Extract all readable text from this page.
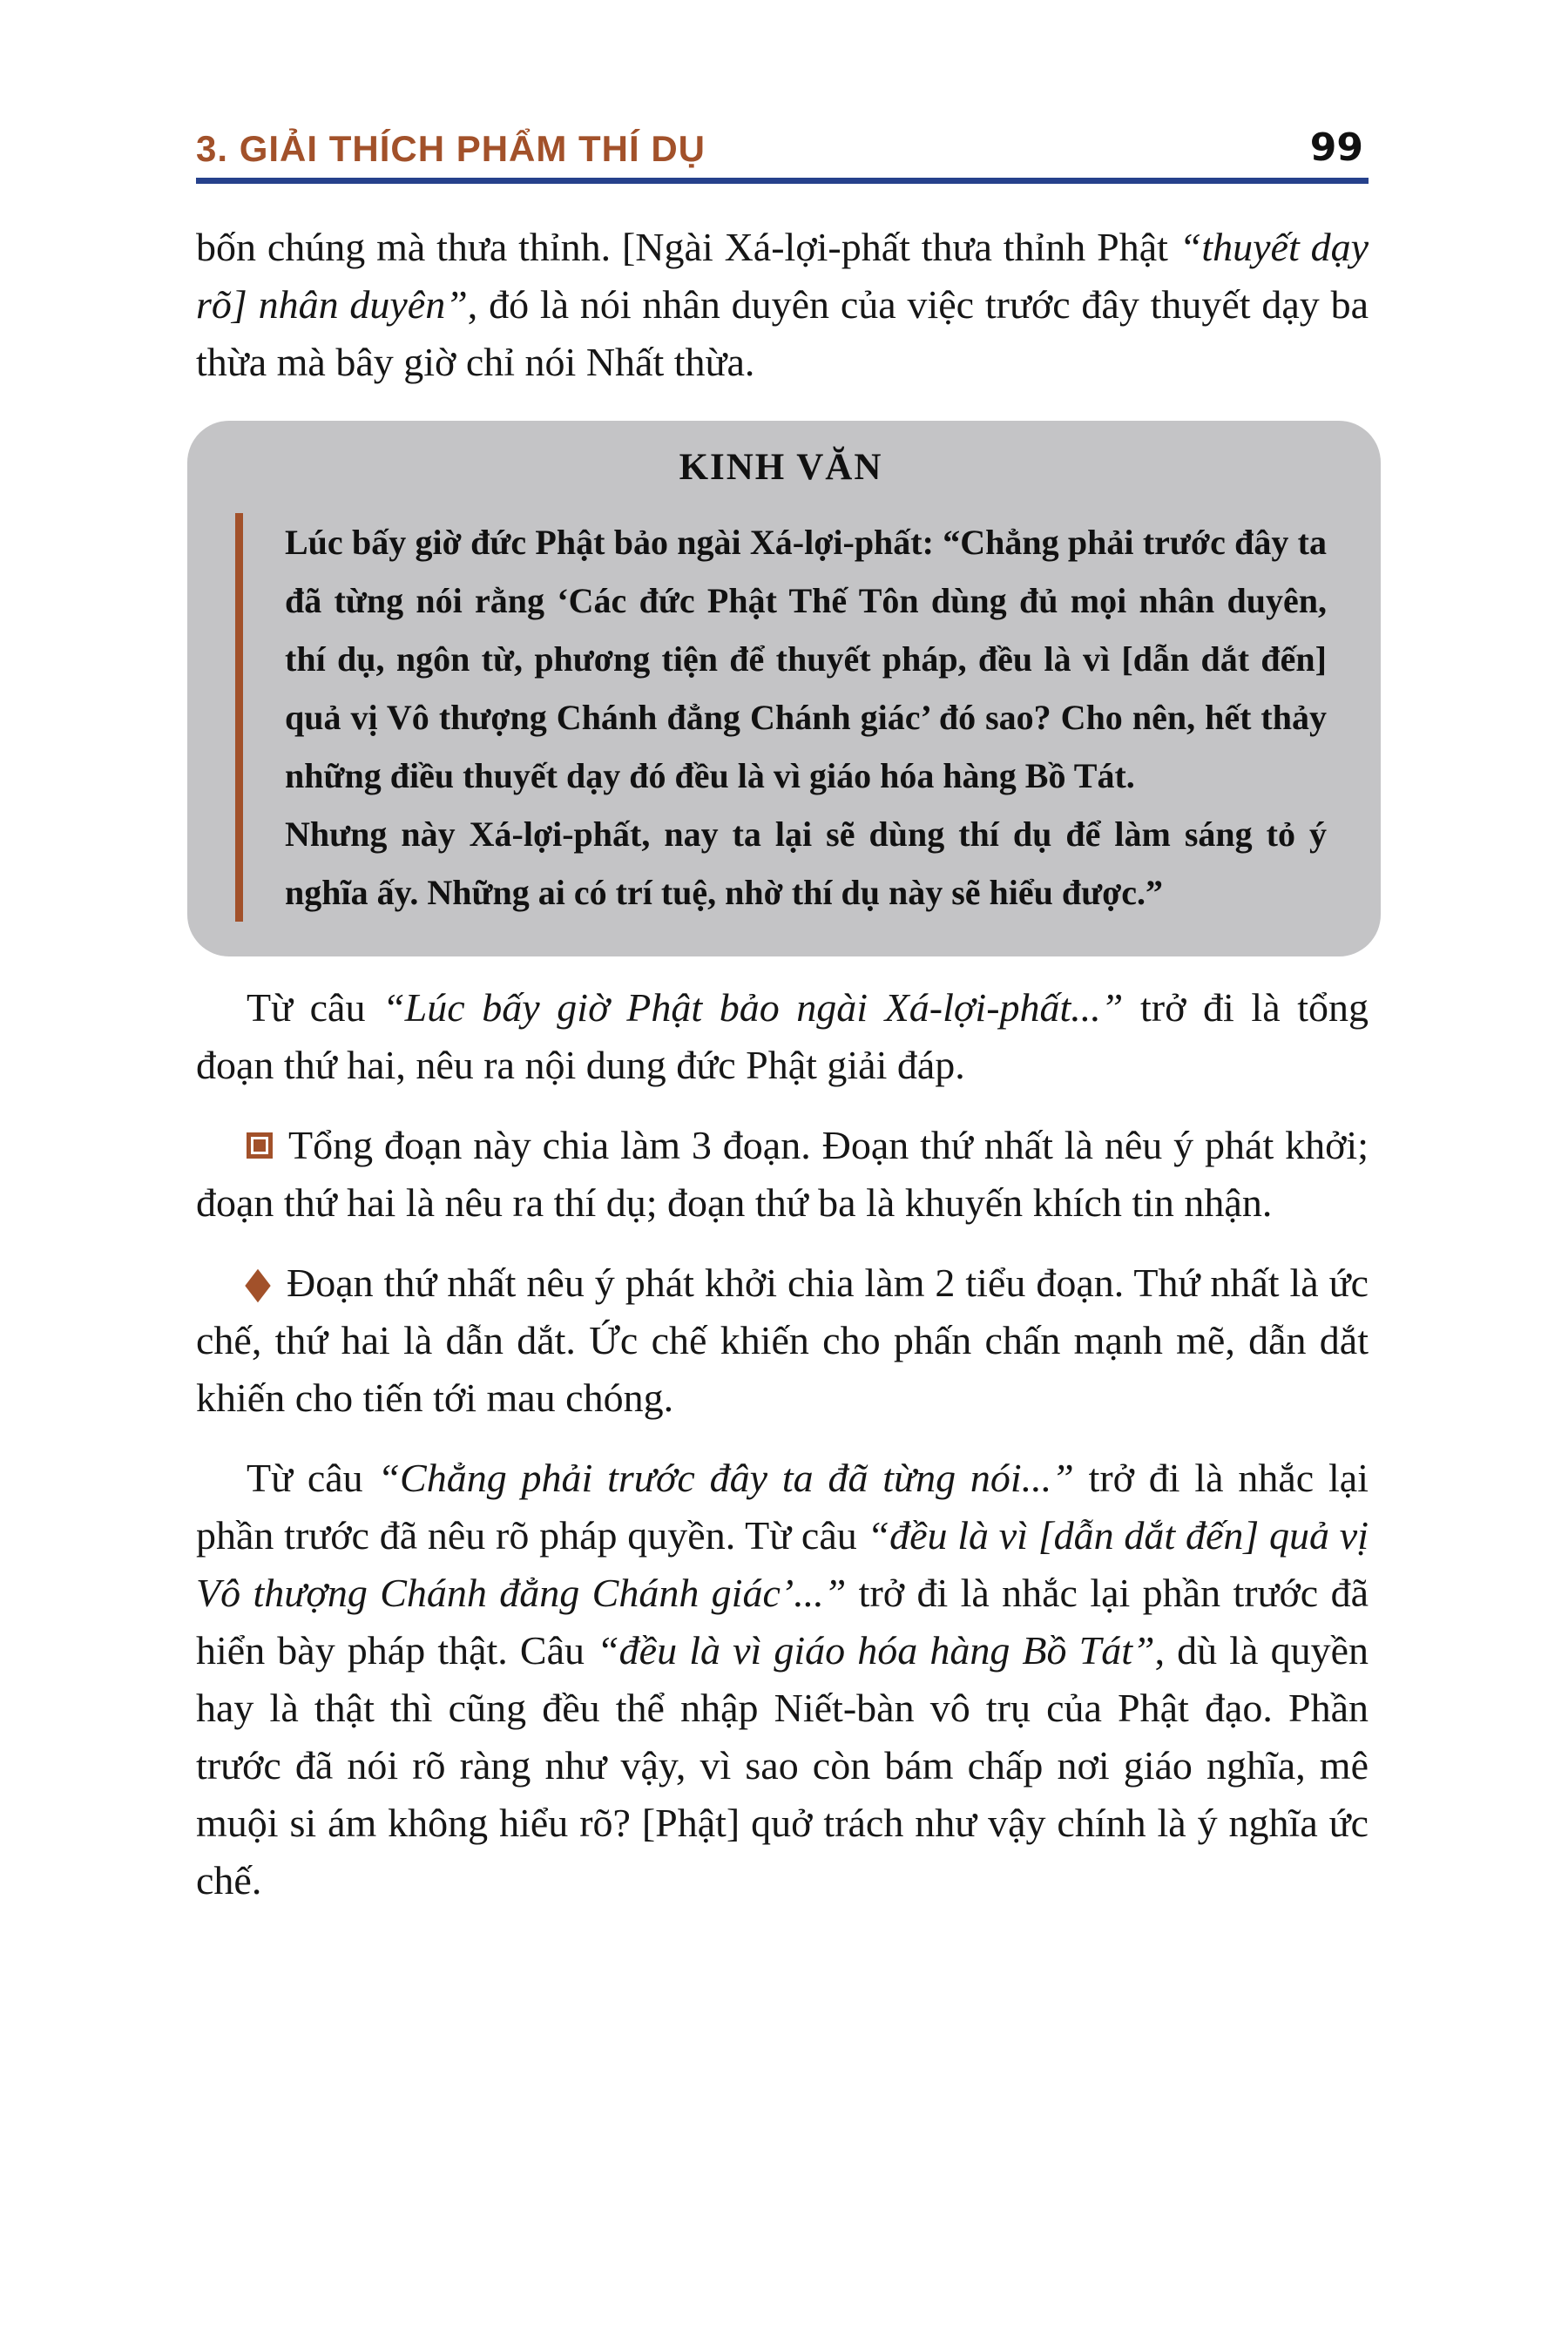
3. GIẢI THÍCH PHẨM THÍ DỤ	99

bốn chúng mà thưa thỉnh. [Ngài Xá-lợi-phất thưa thỉnh Phật “thuyết dạy rõ] nhân duyên”, đó là nói nhân duyên của việc trước đây thuyết dạy ba thừa mà bây giờ chỉ nói Nhất thừa.

KINH VĂN

Lúc bấy giờ đức Phật bảo ngài Xá-lợi-phất: “Chẳng phải trước đây ta đã từng nói rằng ‘Các đức Phật Thế Tôn dùng đủ mọi nhân duyên, thí dụ, ngôn từ, phương tiện để thuyết pháp, đều là vì [dẫn dắt đến] quả vị Vô thượng Chánh đẳng Chánh giác’ đó sao? Cho nên, hết thảy những điều thuyết dạy đó đều là vì giáo hóa hàng Bồ Tát.

Nhưng này Xá-lợi-phất, nay ta lại sẽ dùng thí dụ để làm sáng tỏ ý nghĩa ấy. Những ai có trí tuệ, nhờ thí dụ này sẽ hiểu được.”

Từ câu “Lúc bấy giờ Phật bảo ngài Xá-lợi-phất...” trở đi là tổng đoạn thứ hai, nêu ra nội dung đức Phật giải đáp.

Tổng đoạn này chia làm 3 đoạn. Đoạn thứ nhất là nêu ý phát khởi; đoạn thứ hai là nêu ra thí dụ; đoạn thứ ba là khuyến khích tin nhận.

Đoạn thứ nhất nêu ý phát khởi chia làm 2 tiểu đoạn. Thứ nhất là ức chế, thứ hai là dẫn dắt. Ức chế khiến cho phấn chấn mạnh mẽ, dẫn dắt khiến cho tiến tới mau chóng.

Từ câu “Chẳng phải trước đây ta đã từng nói...” trở đi là nhắc lại phần trước đã nêu rõ pháp quyền. Từ câu “đều là vì [dẫn dắt đến] quả vị Vô thượng Chánh đẳng Chánh giác’...” trở đi là nhắc lại phần trước đã hiển bày pháp thật. Câu “đều là vì giáo hóa hàng Bồ Tát”, dù là quyền hay là thật thì cũng đều thể nhập Niết-bàn vô trụ của Phật đạo. Phần trước đã nói rõ ràng như vậy, vì sao còn bám chấp nơi giáo nghĩa, mê muội si ám không hiểu rõ? [Phật] quở trách như vậy chính là ý nghĩa ức chế.
